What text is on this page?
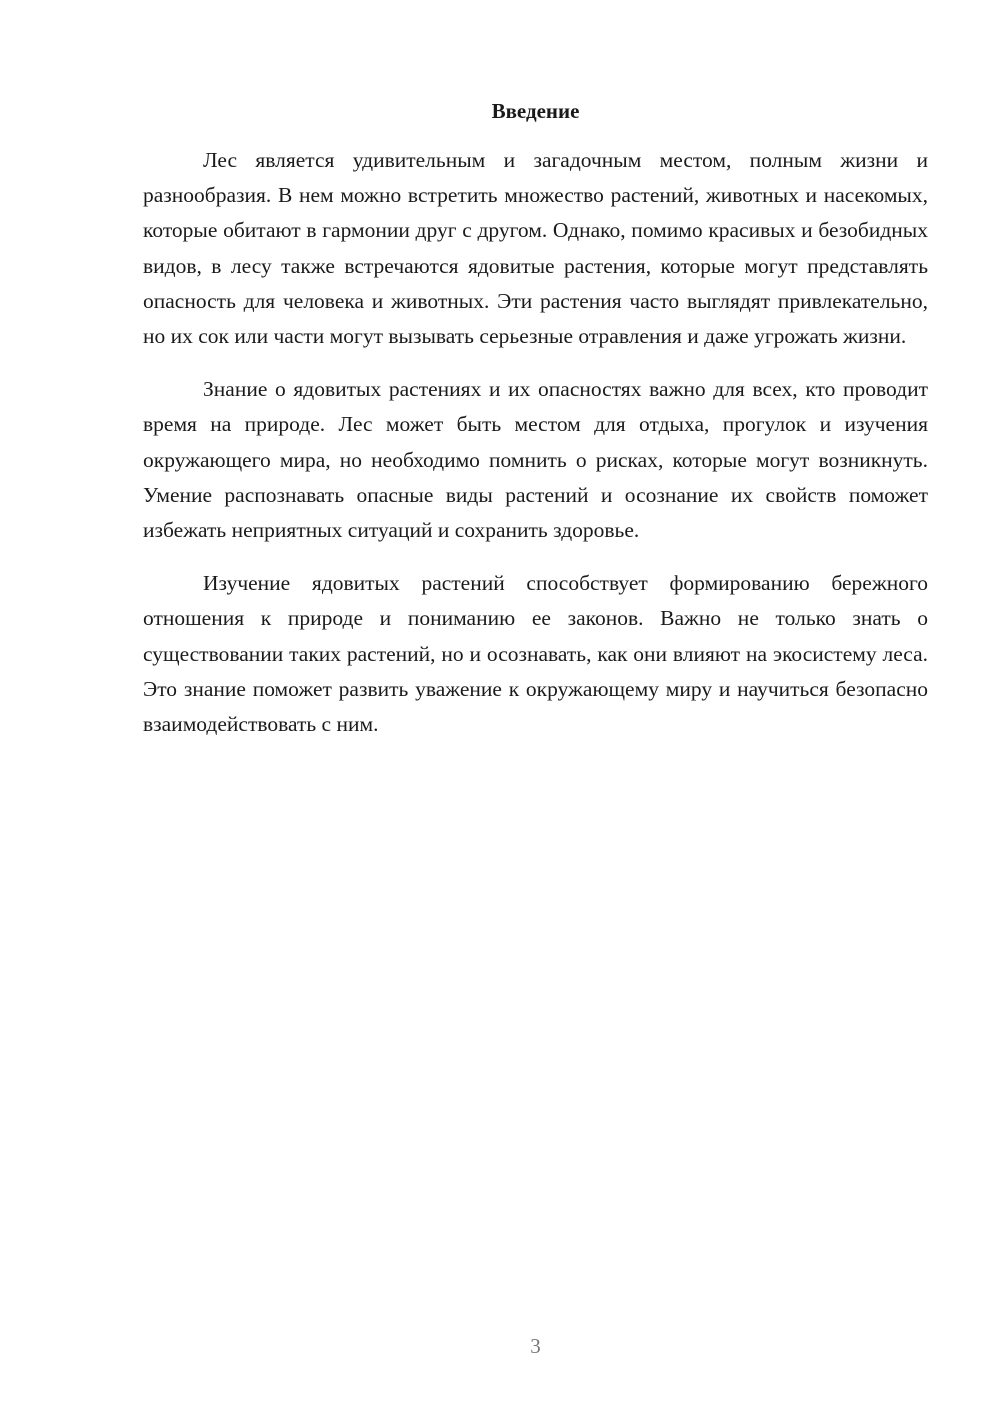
Введение

Лес является удивительным и загадочным местом, полным жизни и разнообразия. В нем можно встретить множество растений, животных и насекомых, которые обитают в гармонии друг с другом. Однако, помимо красивых и безобидных видов, в лесу также встречаются ядовитые растения, которые могут представлять опасность для человека и животных. Эти растения часто выглядят привлекательно, но их сок или части могут вызывать серьезные отравления и даже угрожать жизни.

Знание о ядовитых растениях и их опасностях важно для всех, кто проводит время на природе. Лес может быть местом для отдыха, прогулок и изучения окружающего мира, но необходимо помнить о рисках, которые могут возникнуть. Умение распознавать опасные виды растений и осознание их свойств поможет избежать неприятных ситуаций и сохранить здоровье.

Изучение ядовитых растений способствует формированию бережного отношения к природе и пониманию ее законов. Важно не только знать о существовании таких растений, но и осознавать, как они влияют на экосистему леса. Это знание поможет развить уважение к окружающему миру и научиться безопасно взаимодействовать с ним.

3
